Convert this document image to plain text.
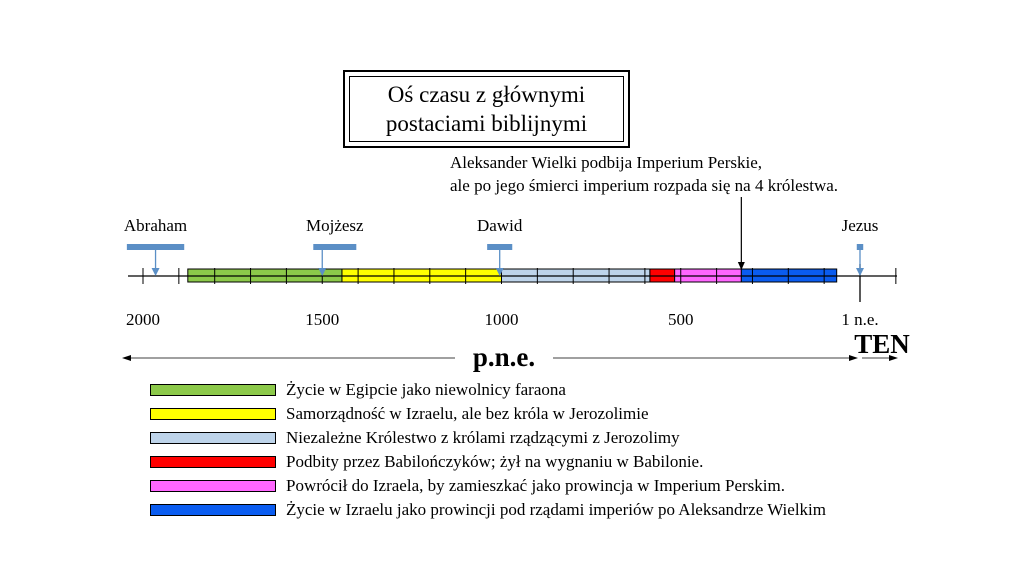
Oś czasu z głównymi
postaciami biblijnymi
Aleksander Wielki podbija Imperium Perskie,
ale po jego śmierci imperium rozpada się na 4 królestwa.
2000	1500	1000	500	1 n.e.
Abraham	Mojżesz	Dawid	Jezus
p.n.e.	TEN
Życie w Egipcie jako niewolnicy faraona
Samorządność w Izraelu, ale bez króla w Jerozolimie
Niezależne Królestwo z królami rządzącymi z Jerozolimy
Podbity przez Babilończyków; żył na wygnaniu w Babilonie.
Powrócił do Izraela, by zamieszkać jako prowincja w Imperium Perskim.
Życie w Izraelu jako prowincji pod rządami imperiów po Aleksandrze Wielkim
